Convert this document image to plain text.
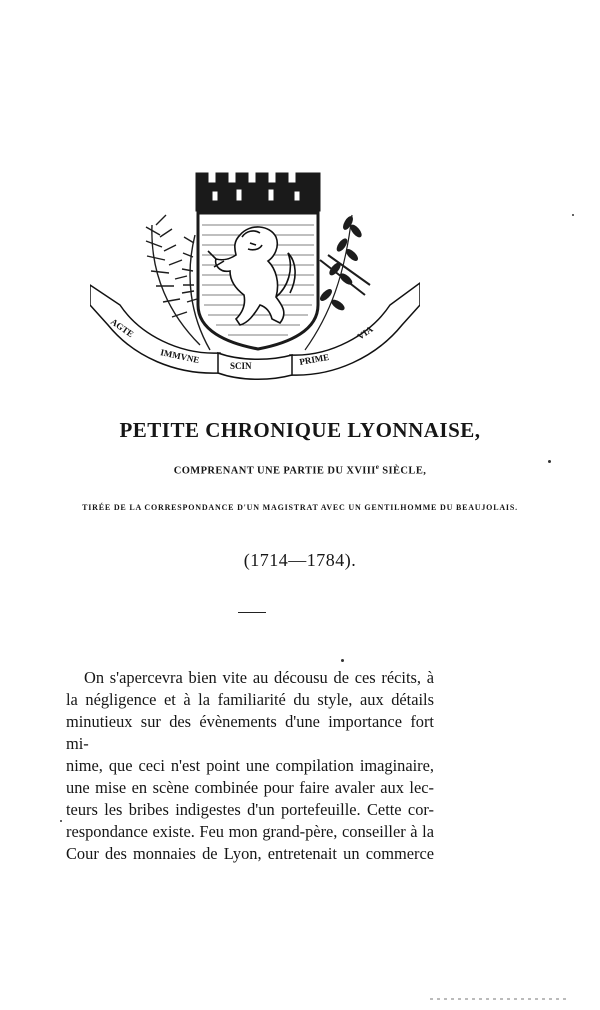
AGTE
IMMVNE
SCIN	PRIME
VIA
PETITE CHRONIQUE LYONNAISE,

COMPRENANT UNE PARTIE DU XVIIIe SIÈCLE,

TIRÉE DE LA CORRESPONDANCE D'UN MAGISTRAT AVEC UN GENTILHOMME DU BEAUJOLAIS.

(1714—1784).

On s'apercevra bien vite au décousu de ces récits, à
la négligence et à la familiarité du style, aux détails
minutieux sur des évènements d'une importance fort mi-
nime, que ceci n'est point une compilation imaginaire,
une mise en scène combinée pour faire avaler aux lec-
teurs les bribes indigestes d'un portefeuille. Cette cor-
respondance existe. Feu mon grand-père, conseiller à la
Cour des monnaies de Lyon, entretenait un commerce
